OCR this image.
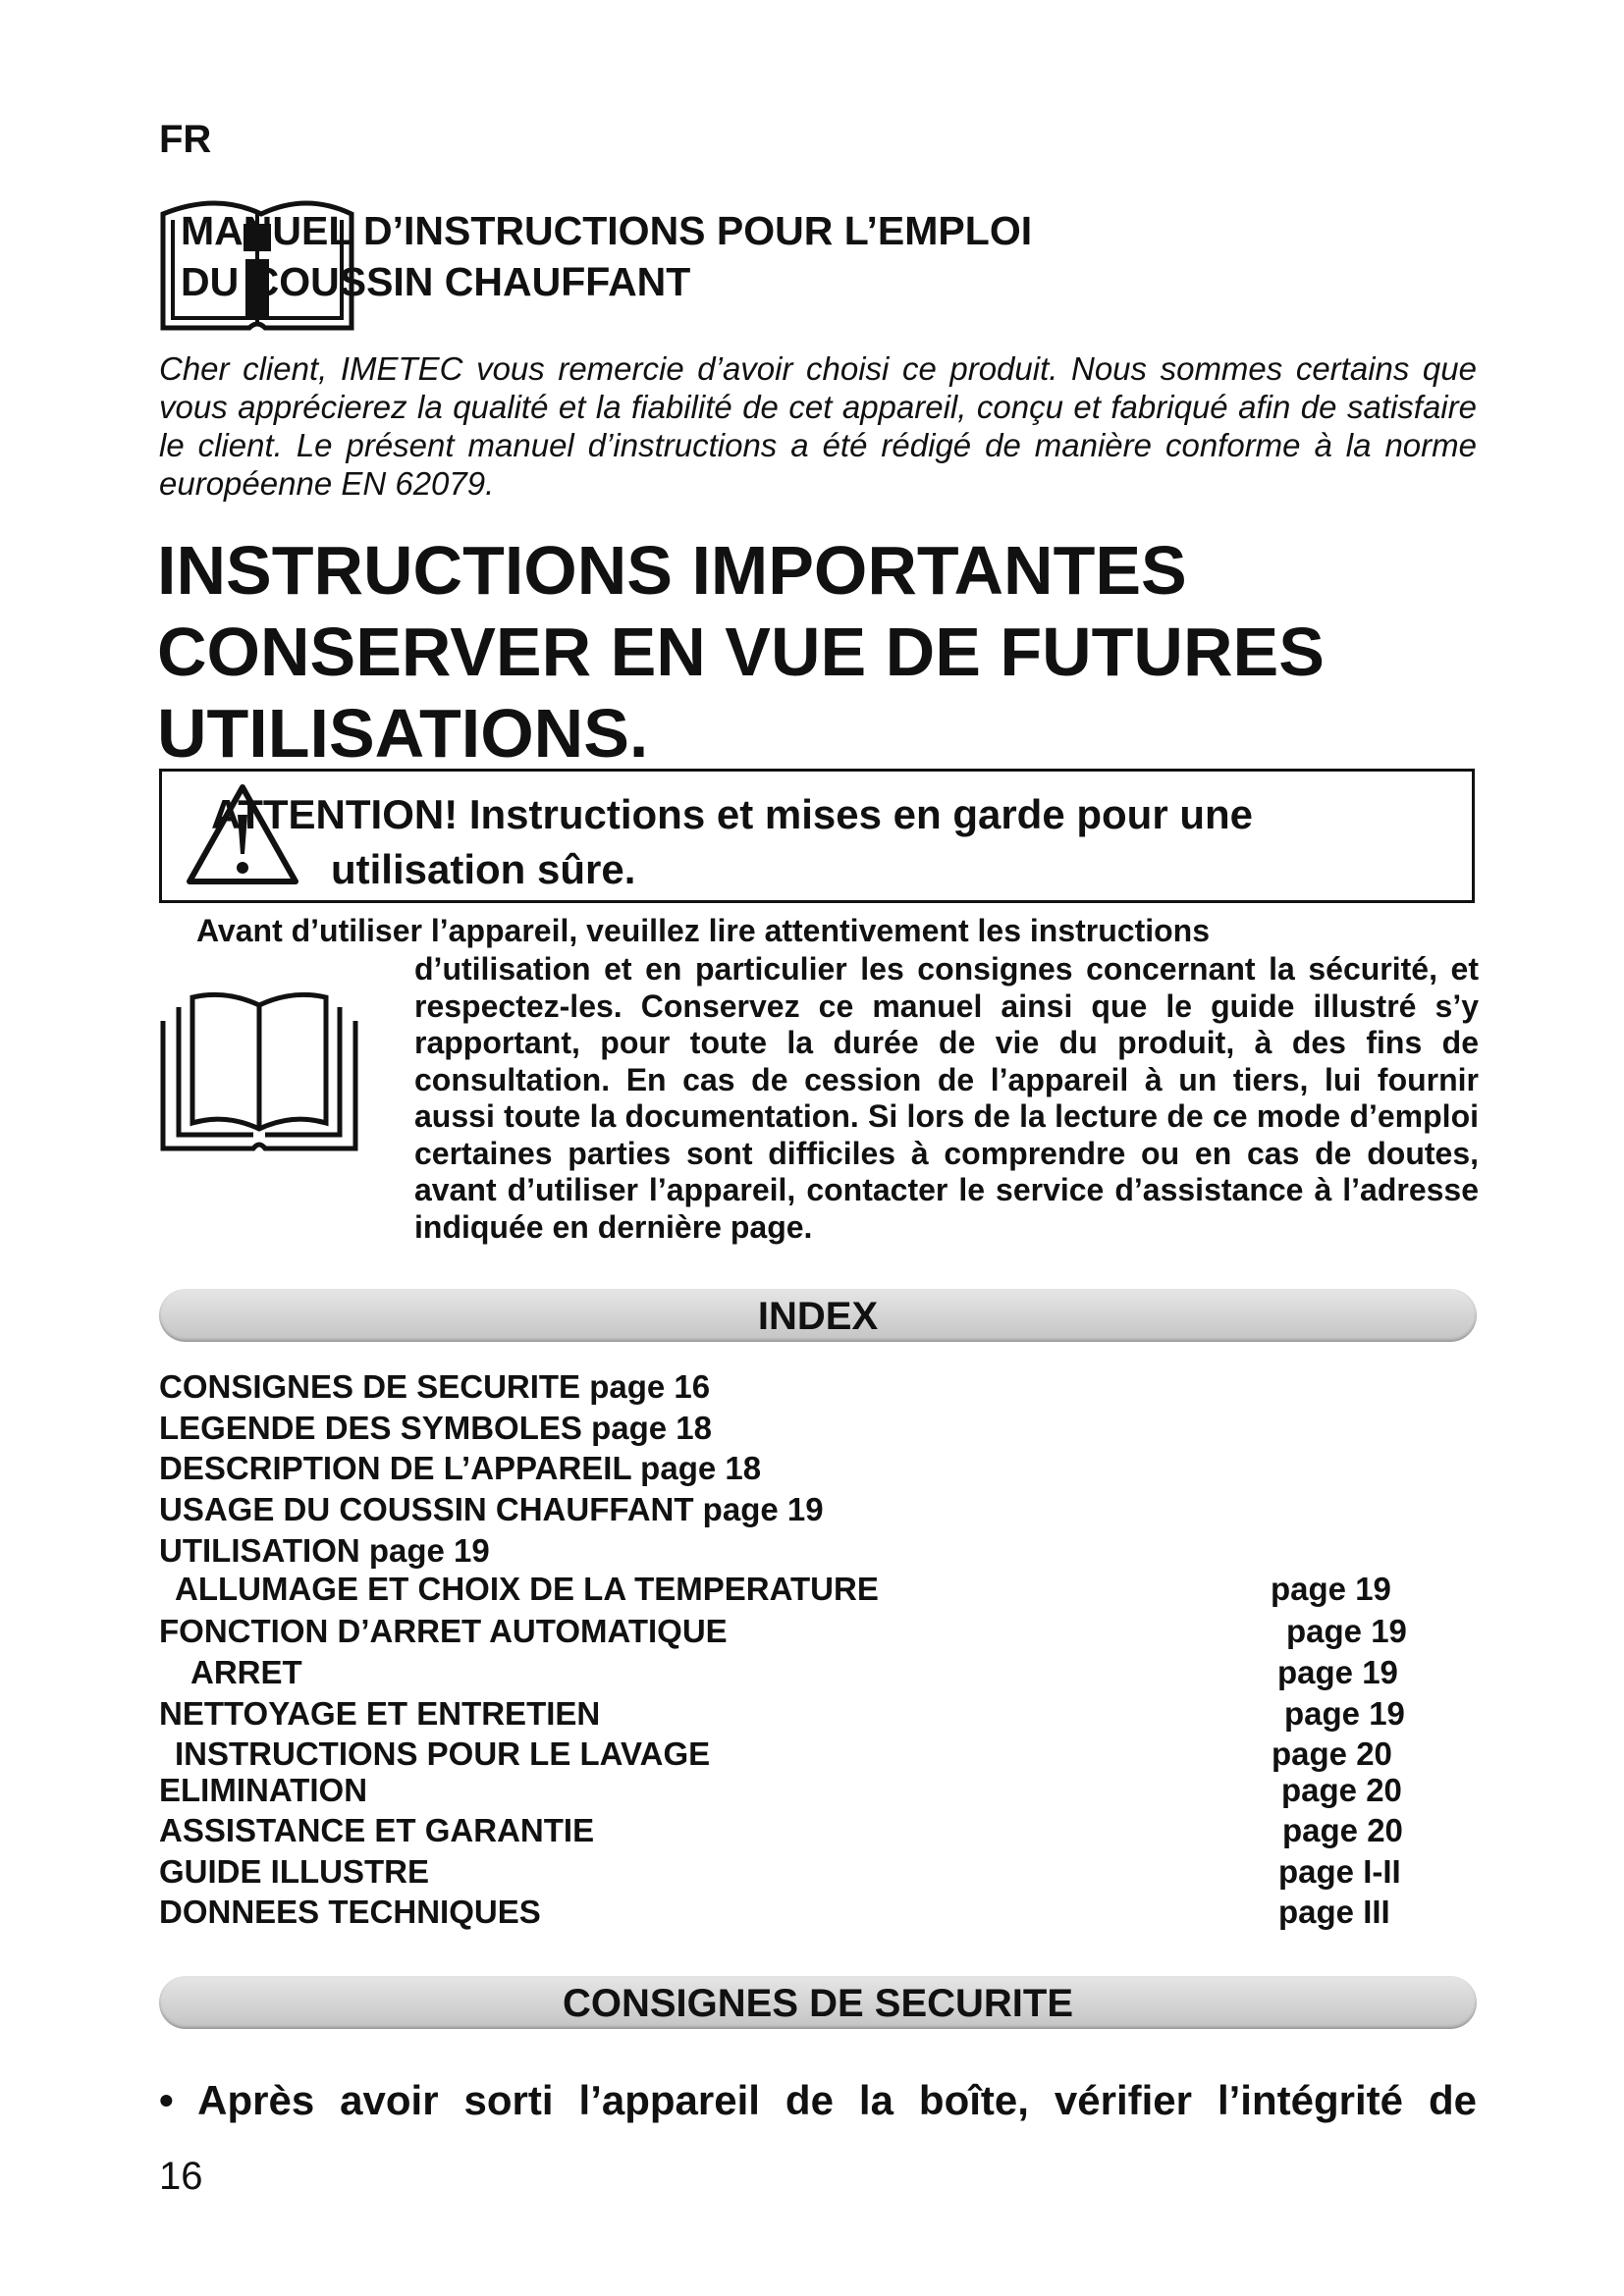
FR
MANUEL D’INSTRUCTIONS POUR L’EMPLOI
DU COUSSIN CHAUFFANT
Cher client, IMETEC vous remercie d’avoir choisi ce produit. Nous sommes certains que vous apprécierez la qualité et la fiabilité de cet appareil, conçu et fabriqué afin de satisfaire le client. Le présent manuel d’instructions a été rédigé de manière conforme à la norme européenne EN 62079.
INSTRUCTIONS IMPORTANTES
CONSERVER EN VUE DE FUTURES
UTILISATIONS.
ATTENTION! Instructions et mises en garde pour une
utilisation sûre.
Avant d’utiliser l’appareil, veuillez lire attentivement les instructions
d’utilisation et en particulier les consignes concernant la sécurité, et respectez-les. Conservez ce manuel ainsi que le guide illustré s’y rapportant, pour toute la durée de vie du produit, à des fins de consultation. En cas de cession de l’appareil à un tiers, lui fournir aussi toute la documentation. Si lors de la lecture de ce mode d’emploi certaines parties sont difficiles à comprendre ou en cas de doutes, avant d’utiliser l’appareil, contacter le service d’assistance à l’adresse indiquée en dernière page.
INDEX
CONSIGNES DE SECURITE page 16
LEGENDE DES SYMBOLES page 18
DESCRIPTION DE L’APPAREIL page 18
USAGE DU COUSSIN CHAUFFANT page 19
UTILISATION page 19
ALLUMAGE ET CHOIX DE LA TEMPERATURE	page 19
FONCTION D’ARRET AUTOMATIQUE	page 19
ARRET	page 19
NETTOYAGE ET ENTRETIEN	page 19
INSTRUCTIONS POUR LE LAVAGE	page 20
ELIMINATION	page 20
ASSISTANCE ET GARANTIE	page 20
GUIDE ILLUSTRE	page I-II
DONNEES TECHNIQUES	page III
CONSIGNES DE SECURITE
• Après avoir sorti l’appareil de la boîte, vérifier l’intégrité de
16
